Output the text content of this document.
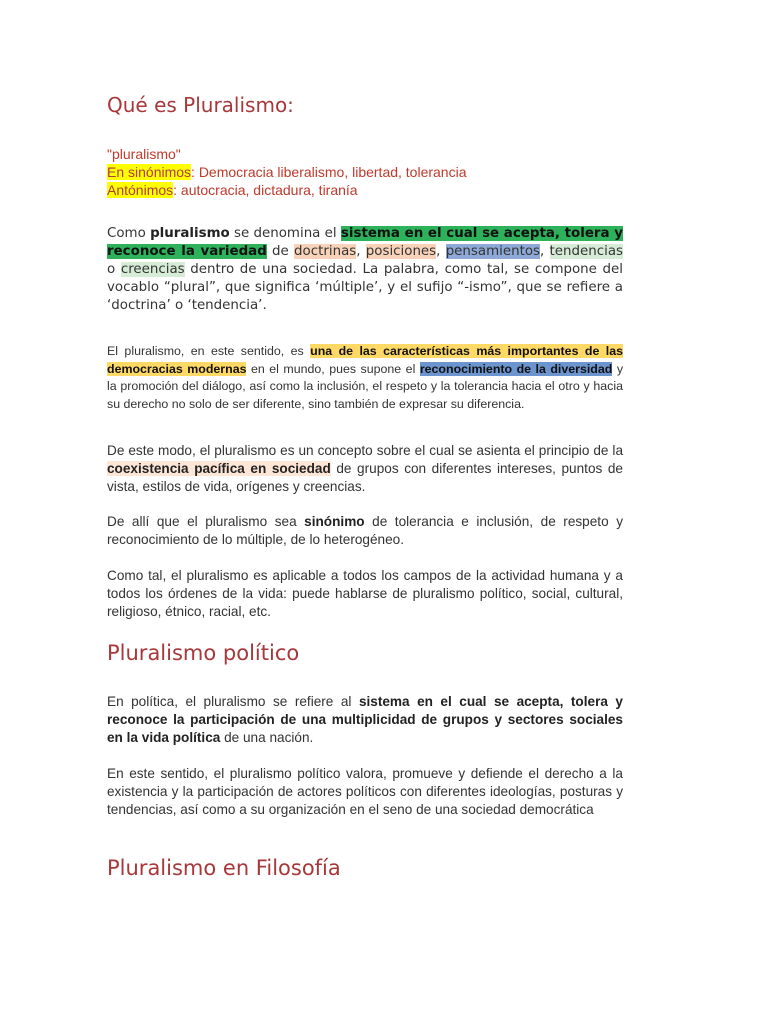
Qué es Pluralismo:

"pluralismo"

En sinónimos: Democracia liberalismo, libertad, tolerancia

Antónimos: autocracia, dictadura, tiranía

Como pluralismo se denomina el sistema en el cual se acepta, tolera y reconoce la variedad de doctrinas, posiciones, pensamientos, tendencias o creencias dentro de una sociedad. La palabra, como tal, se compone del vocablo “plural”, que significa ‘múltiple’, y el sufijo “-ismo”, que se refiere a ‘doctrina’ o ‘tendencia’.

El pluralismo, en este sentido, es una de las características más importantes de las democracias modernas en el mundo, pues supone el reconocimiento de la diversidad y la promoción del diálogo, así como la inclusión, el respeto y la tolerancia hacia el otro y hacia su derecho no solo de ser diferente, sino también de expresar su diferencia.

De este modo, el pluralismo es un concepto sobre el cual se asienta el principio de la coexistencia pacífica en sociedad de grupos con diferentes intereses, puntos de vista, estilos de vida, orígenes y creencias.

De allí que el pluralismo sea sinónimo de tolerancia e inclusión, de respeto y reconocimiento de lo múltiple, de lo heterogéneo.

Como tal, el pluralismo es aplicable a todos los campos de la actividad humana y a todos los órdenes de la vida: puede hablarse de pluralismo político, social, cultural, religioso, étnico, racial, etc.

Pluralismo político

En política, el pluralismo se refiere al sistema en el cual se acepta, tolera y reconoce la participación de una multiplicidad de grupos y sectores sociales en la vida política de una nación.

En este sentido, el pluralismo político valora, promueve y defiende el derecho a la existencia y la participación de actores políticos con diferentes ideologías, posturas y tendencias, así como a su organización en el seno de una sociedad democrática

Pluralismo en Filosofía
